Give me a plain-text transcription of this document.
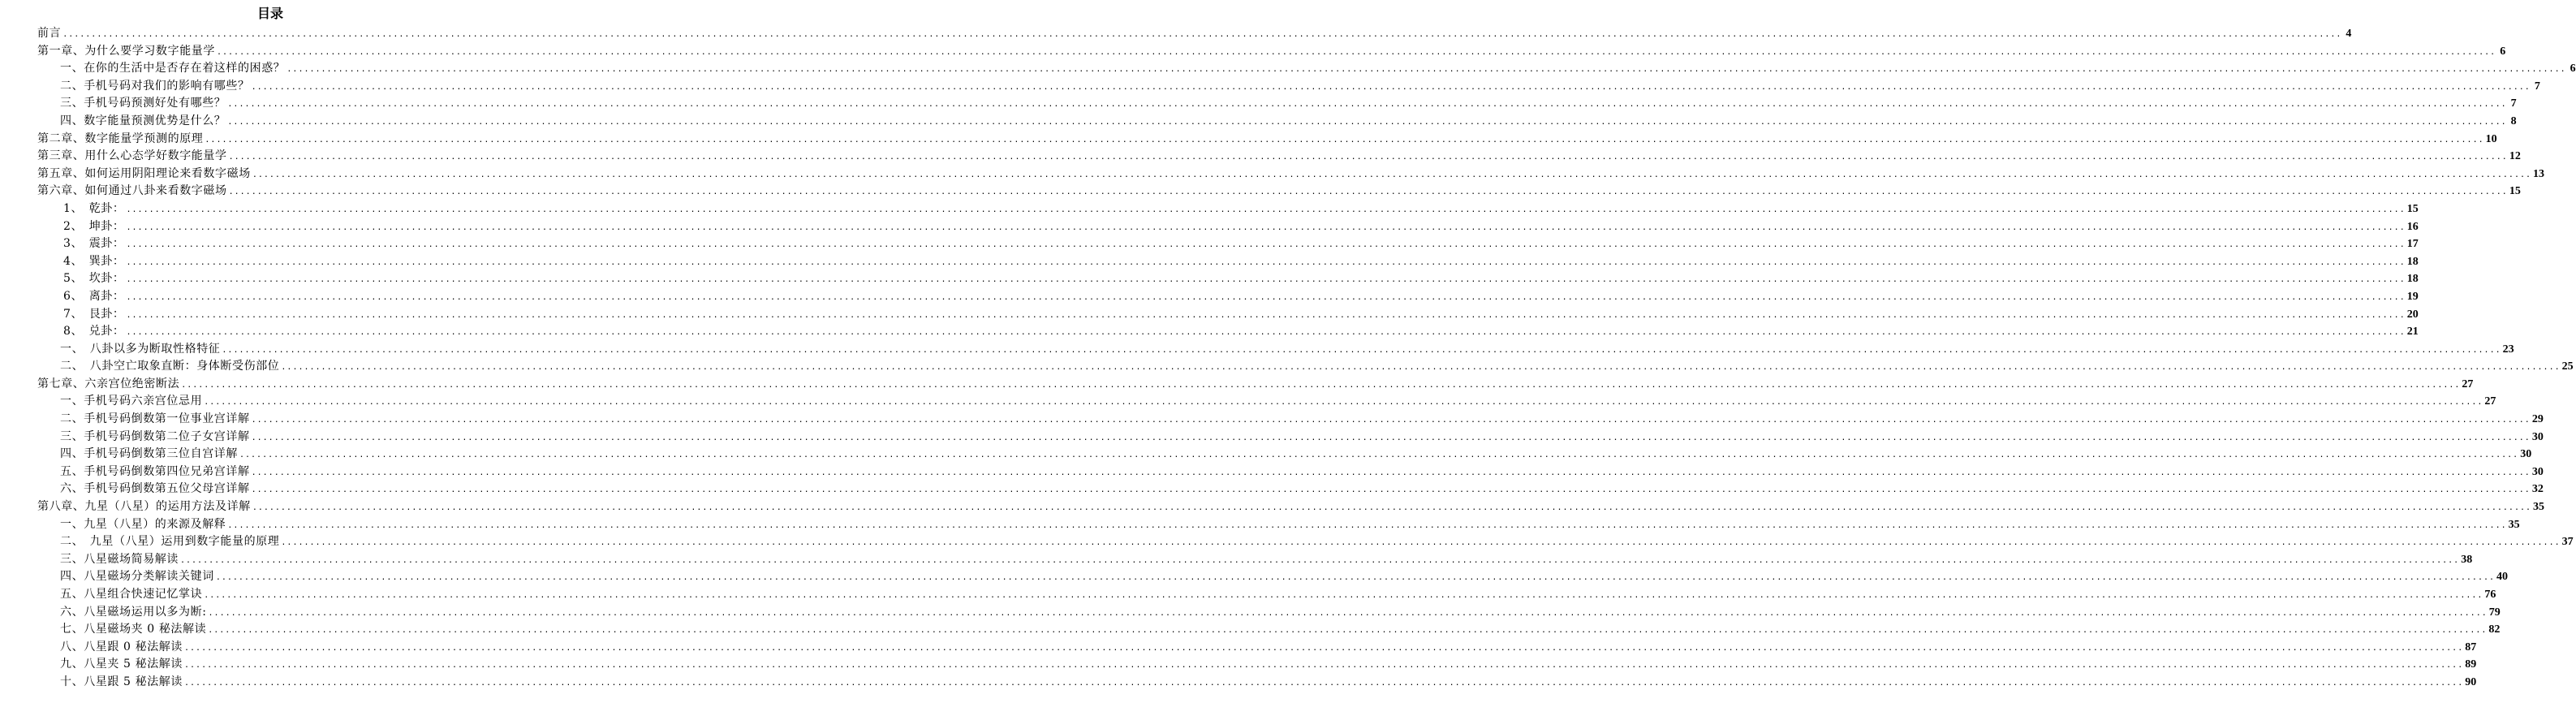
目录
前言 ................................................................................................................................................................................................................................................................................................................................................................................................................ 4
第一章、为什么要学习数字能量学 ................................................................................................................................................................................................................................................................................................................................................................................................................ 6
一、在你的生活中是否存在着这样的困惑？ ................................................................................................................................................................................................................................................................................................................................................................................................................ 6
二、手机号码对我们的影响有哪些？ ................................................................................................................................................................................................................................................................................................................................................................................................................ 7
三、手机号码预测好处有哪些？ ................................................................................................................................................................................................................................................................................................................................................................................................................ 7
四、数字能量预测优势是什么？ ................................................................................................................................................................................................................................................................................................................................................................................................................ 8
第二章、数字能量学预测的原理 ................................................................................................................................................................................................................................................................................................................................................................................................................ 10
第三章、用什么心态学好数字能量学 ................................................................................................................................................................................................................................................................................................................................................................................................................ 12
第五章、如何运用阴阳理论来看数字磁场 ................................................................................................................................................................................................................................................................................................................................................................................................................ 13
第六章、如何通过八卦来看数字磁场 ................................................................................................................................................................................................................................................................................................................................................................................................................ 15
1、　乾卦： ................................................................................................................................................................................................................................................................................................................................................................................................................ 15
2、　坤卦： ................................................................................................................................................................................................................................................................................................................................................................................................................ 16
3、　震卦： ................................................................................................................................................................................................................................................................................................................................................................................................................ 17
4、　巽卦： ................................................................................................................................................................................................................................................................................................................................................................................................................ 18
5、　坎卦： ................................................................................................................................................................................................................................................................................................................................................................................................................ 18
6、　离卦： ................................................................................................................................................................................................................................................................................................................................................................................................................ 19
7、　艮卦： ................................................................................................................................................................................................................................................................................................................................................................................................................ 20
8、　兑卦： ................................................................................................................................................................................................................................................................................................................................................................................................................ 21
一、　八卦以多为断取性格特征 ................................................................................................................................................................................................................................................................................................................................................................................................................ 23
二、　八卦空亡取象直断：身体断受伤部位 ................................................................................................................................................................................................................................................................................................................................................................................................................ 25
第七章、六亲宫位绝密断法 ................................................................................................................................................................................................................................................................................................................................................................................................................ 27
一、手机号码六亲宫位忌用 ................................................................................................................................................................................................................................................................................................................................................................................................................ 27
二、手机号码倒数第一位事业宫详解 ................................................................................................................................................................................................................................................................................................................................................................................................................ 29
三、手机号码倒数第二位子女宫详解 ................................................................................................................................................................................................................................................................................................................................................................................................................ 30
四、手机号码倒数第三位自宫详解 ................................................................................................................................................................................................................................................................................................................................................................................................................ 30
五、手机号码倒数第四位兄弟宫详解 ................................................................................................................................................................................................................................................................................................................................................................................................................ 30
六、手机号码倒数第五位父母宫详解 ................................................................................................................................................................................................................................................................................................................................................................................................................ 32
第八章、九星（八星）的运用方法及详解 ................................................................................................................................................................................................................................................................................................................................................................................................................ 35
一、九星（八星）的来源及解释 ................................................................................................................................................................................................................................................................................................................................................................................................................ 35
二、　九星（八星）运用到数字能量的原理 ................................................................................................................................................................................................................................................................................................................................................................................................................ 37
三、八星磁场简易解读 ................................................................................................................................................................................................................................................................................................................................................................................................................ 38
四、八星磁场分类解读关键词 ................................................................................................................................................................................................................................................................................................................................................................................................................ 40
五、八星组合快速记忆掌诀 ................................................................................................................................................................................................................................................................................................................................................................................................................ 76
六、八星磁场运用以多为断: ................................................................................................................................................................................................................................................................................................................................................................................................................ 79
七、八星磁场夹 0 秘法解读 ................................................................................................................................................................................................................................................................................................................................................................................................................ 82
八、八星跟 0 秘法解读 ................................................................................................................................................................................................................................................................................................................................................................................................................ 87
九、八星夹 5 秘法解读 ................................................................................................................................................................................................................................................................................................................................................................................................................ 89
十、八星跟 5 秘法解读 ................................................................................................................................................................................................................................................................................................................................................................................................................ 90
